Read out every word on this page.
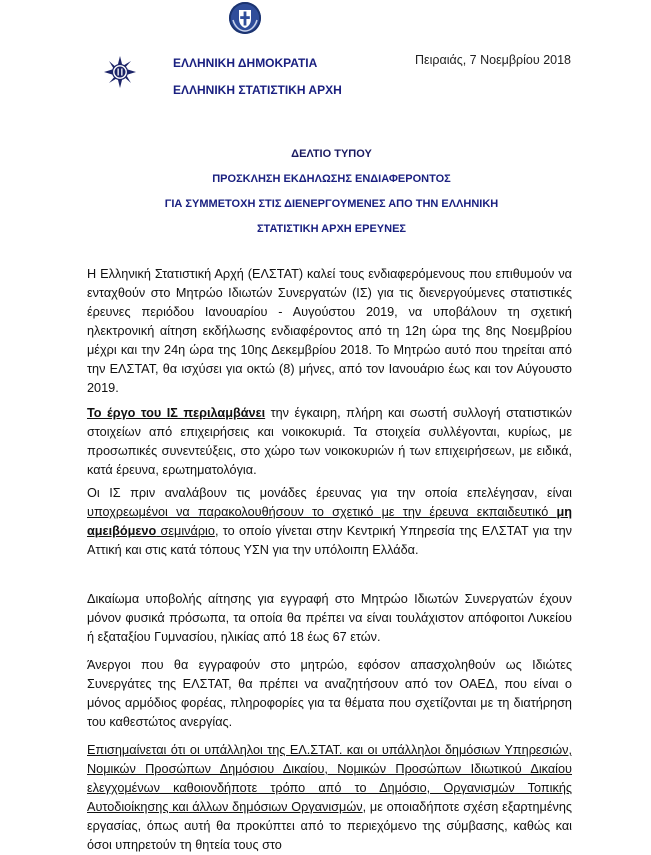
ΕΛΛΗΝΙΚΗ ΔΗΜΟΚΡΑΤΙΑ
ΕΛΛΗΝΙΚΗ ΣΤΑΤΙΣΤΙΚΗ ΑΡΧΗ
Πειραιάς, 7 Νοεμβρίου 2018
ΔΕΛΤΙΟ ΤΥΠΟΥ
ΠΡΟΣΚΛΗΣΗ ΕΚΔΗΛΩΣΗΣ ΕΝΔΙΑΦΕΡΟΝΤΟΣ
ΓΙΑ ΣΥΜΜΕΤΟΧΗ ΣΤΙΣ ΔΙΕΝΕΡΓΟΥΜΕΝΕΣ ΑΠΟ ΤΗΝ ΕΛΛΗΝΙΚΗ
ΣΤΑΤΙΣΤΙΚΗ ΑΡΧΗ ΕΡΕΥΝΕΣ

Η Ελληνική Στατιστική Αρχή (ΕΛΣΤΑΤ) καλεί τους ενδιαφερόμενους που επιθυμούν να ενταχθούν στο Μητρώο Ιδιωτών Συνεργατών (ΙΣ) για τις διενεργούμενες στατιστικές έρευνες περιόδου Ιανουαρίου - Αυγούστου 2019, να υποβάλουν τη σχετική ηλεκτρονική αίτηση εκδήλωσης ενδιαφέροντος από τη 12η ώρα της 8ης Νοεμβρίου μέχρι και την 24η ώρα της 10ης Δεκεμβρίου 2018. Το Μητρώο αυτό που τηρείται από την ΕΛΣΤΑΤ, θα ισχύσει για οκτώ (8) μήνες, από τον Ιανουάριο έως και τον Αύγουστο 2019.

Το έργο του ΙΣ περιλαμβάνει την έγκαιρη, πλήρη και σωστή συλλογή στατιστικών στοιχείων από επιχειρήσεις και νοικοκυριά. Τα στοιχεία συλλέγονται, κυρίως, με προσωπικές συνεντεύξεις, στο χώρο των νοικοκυριών ή των επιχειρήσεων, με ειδικά, κατά έρευνα, ερωτηματολόγια.

Οι ΙΣ πριν αναλάβουν τις μονάδες έρευνας για την οποία επελέγησαν, είναι υποχρεωμένοι να παρακολουθήσουν το σχετικό με την έρευνα εκπαιδευτικό μη αμειβόμενο σεμινάριο, το οποίο γίνεται στην Κεντρική Υπηρεσία της ΕΛΣΤΑΤ για την Αττική και στις κατά τόπους ΥΣΝ για την υπόλοιπη Ελλάδα.

Δικαίωμα υποβολής αίτησης για εγγραφή στο Μητρώο Ιδιωτών Συνεργατών έχουν μόνον φυσικά πρόσωπα, τα οποία θα πρέπει να είναι τουλάχιστον απόφοιτοι Λυκείου ή εξαταξίου Γυμνασίου, ηλικίας από 18 έως 67 ετών.

Άνεργοι που θα εγγραφούν στο μητρώο, εφόσον απασχοληθούν ως Ιδιώτες Συνεργάτες της ΕΛΣΤΑΤ, θα πρέπει να αναζητήσουν από τον ΟΑΕΔ, που είναι ο μόνος αρμόδιος φορέας, πληροφορίες για τα θέματα που σχετίζονται με τη διατήρηση του καθεστώτος ανεργίας.

Επισημαίνεται ότι οι υπάλληλοι της ΕΛ.ΣΤΑΤ. και οι υπάλληλοι δημόσιων Υπηρεσιών, Νομικών Προσώπων Δημόσιου Δικαίου, Νομικών Προσώπων Ιδιωτικού Δικαίου ελεγχομένων καθοιονδήποτε τρόπο από το Δημόσιο, Οργανισμών Τοπικής Αυτοδιοίκησης και άλλων δημόσιων Οργανισμών, με οποιαδήποτε σχέση εξαρτημένης εργασίας, όπως αυτή θα προκύπτει από το περιεχόμενο της σύμβασης, καθώς και όσοι υπηρετούν τη θητεία τους στο
